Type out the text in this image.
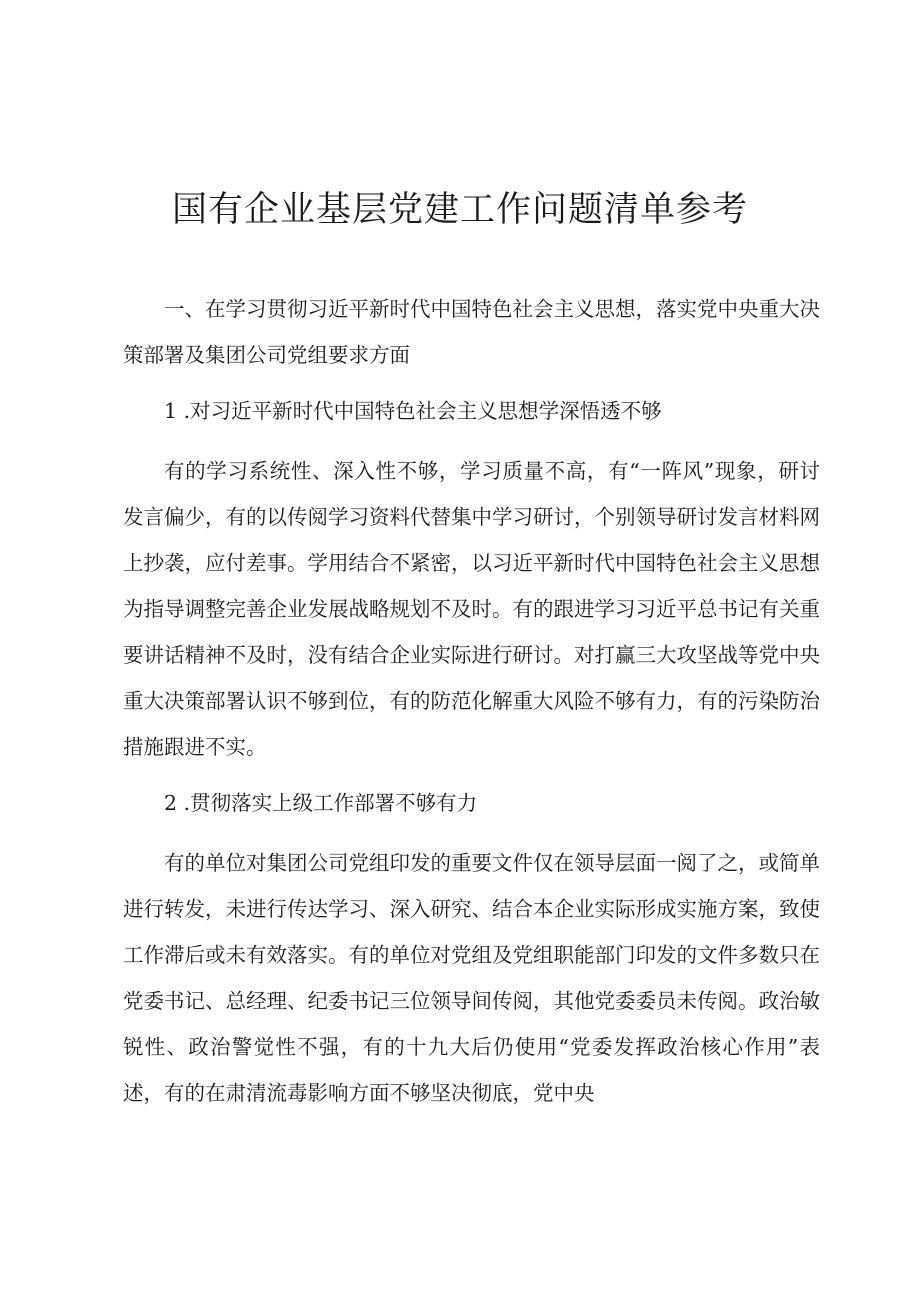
国有企业基层党建工作问题清单参考

一、在学习贯彻习近平新时代中国特色社会主义思想，落实党中央重大决策部署及集团公司党组要求方面

1 .对习近平新时代中国特色社会主义思想学深悟透不够

有的学习系统性、深入性不够，学习质量不高，有“一阵风”现象，研讨发言偏少，有的以传阅学习资料代替集中学习研讨，个别领导研讨发言材料网上抄袭，应付差事。学用结合不紧密，以习近平新时代中国特色社会主义思想为指导调整完善企业发展战略规划不及时。有的跟进学习习近平总书记有关重要讲话精神不及时，没有结合企业实际进行研讨。对打赢三大攻坚战等党中央重大决策部署认识不够到位，有的防范化解重大风险不够有力，有的污染防治措施跟进不实。

2 .贯彻落实上级工作部署不够有力

有的单位对集团公司党组印发的重要文件仅在领导层面一阅了之，或简单进行转发，未进行传达学习、深入研究、结合本企业实际形成实施方案，致使工作滞后或未有效落实。有的单位对党组及党组职能部门印发的文件多数只在党委书记、总经理、纪委书记三位领导间传阅，其他党委委员未传阅。政治敏锐性、政治警觉性不强，有的十九大后仍使用“党委发挥政治核心作用”表述，有的在肃清流毒影响方面不够坚决彻底，党中央
